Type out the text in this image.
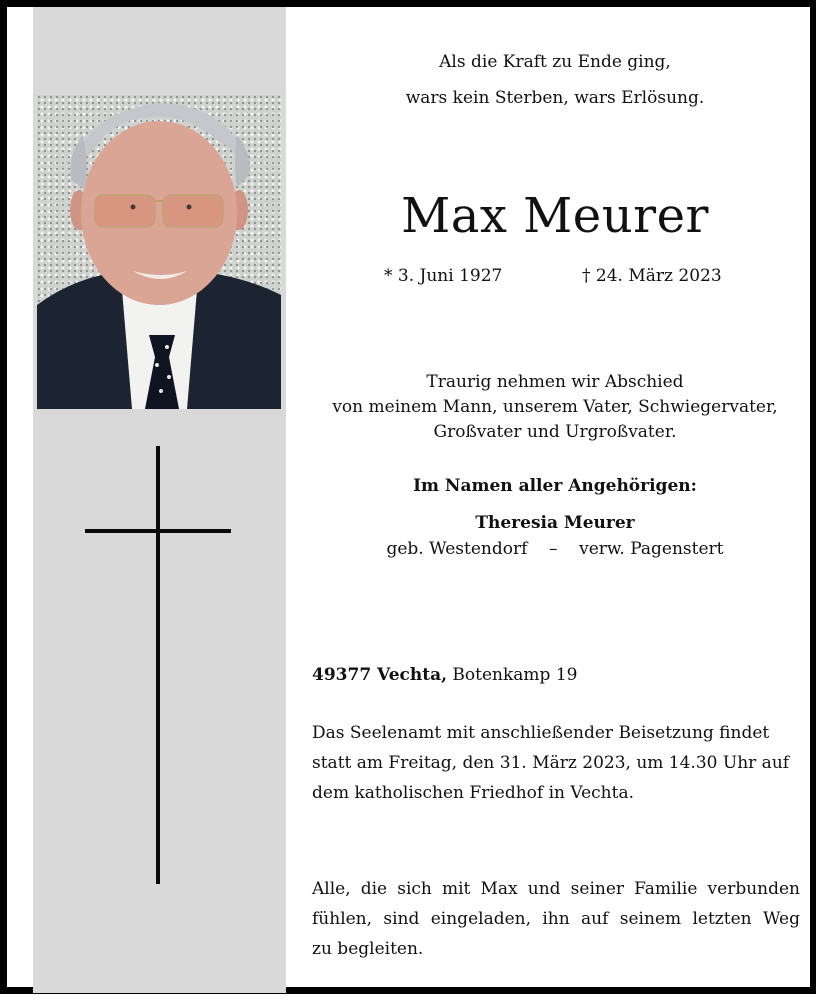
Als die Kraft zu Ende ging,
wars kein Sterben, wars Erlösung.
Max Meurer
* 3. Juni 1927	† 24. März 2023
Traurig nehmen wir Abschied
von meinem Mann, unserem Vater, Schwiegervater,
Großvater und Urgroßvater.
Im Namen aller Angehörigen:
Theresia Meurer
geb. Westendorf    –    verw. Pagenstert
49377 Vechta, Botenkamp 19
Das Seelenamt mit anschließender Beisetzung findet
statt am Freitag, den 31. März 2023, um 14.30 Uhr auf
dem katholischen Friedhof in Vechta.
Alle, die sich mit Max und seiner Familie verbunden
fühlen, sind eingeladen, ihn auf seinem letzten Weg
zu begleiten.
